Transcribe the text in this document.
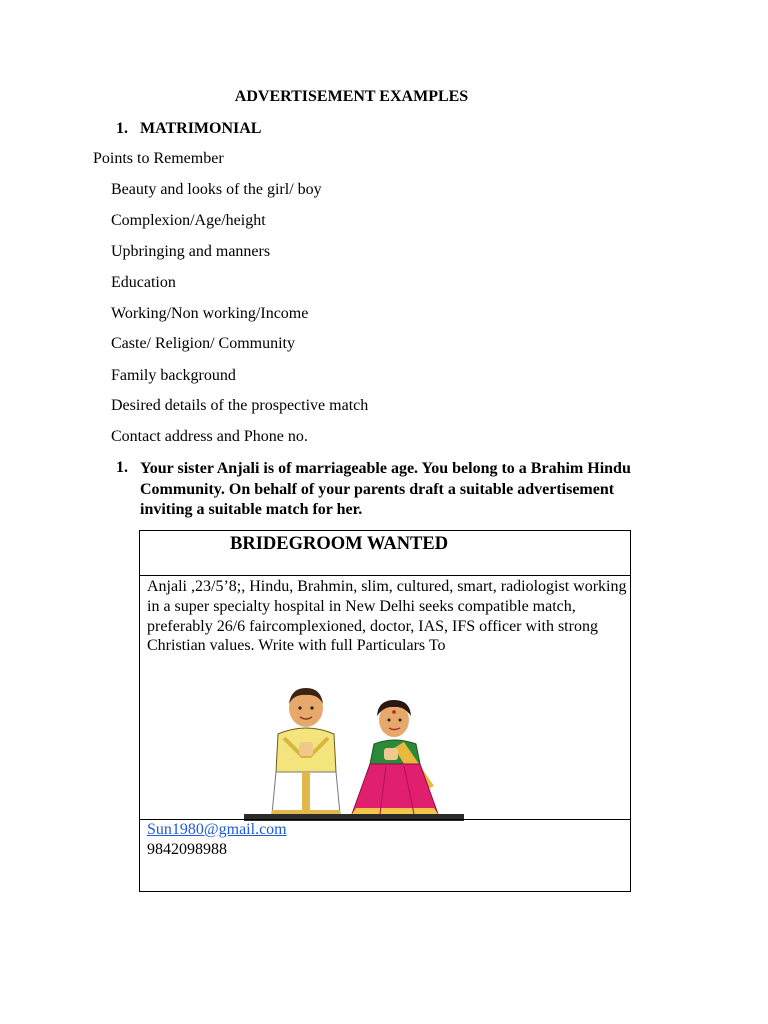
ADVERTISEMENT EXAMPLES
1. MATRIMONIAL
Points to Remember
Beauty and looks of the girl/ boy
Complexion/Age/height
Upbringing and manners
Education
Working/Non working/Income
Caste/ Religion/ Community
Family background
Desired details of the prospective match
Contact address and Phone no.
1. Your sister Anjali is of marriageable age. You belong to a Brahim Hindu Community. On behalf of your parents draft a suitable advertisement inviting a suitable match for her.
BRIDEGROOM WANTED
Anjali ,23/5’8;, Hindu, Brahmin, slim, cultured, smart, radiologist working in a super specialty hospital in New Delhi seeks compatible match, preferably 26/6 faircomplexioned, doctor, IAS, IFS officer with strong Christian values. Write with full Particulars To
Sun1980@gmail.com
9842098988
